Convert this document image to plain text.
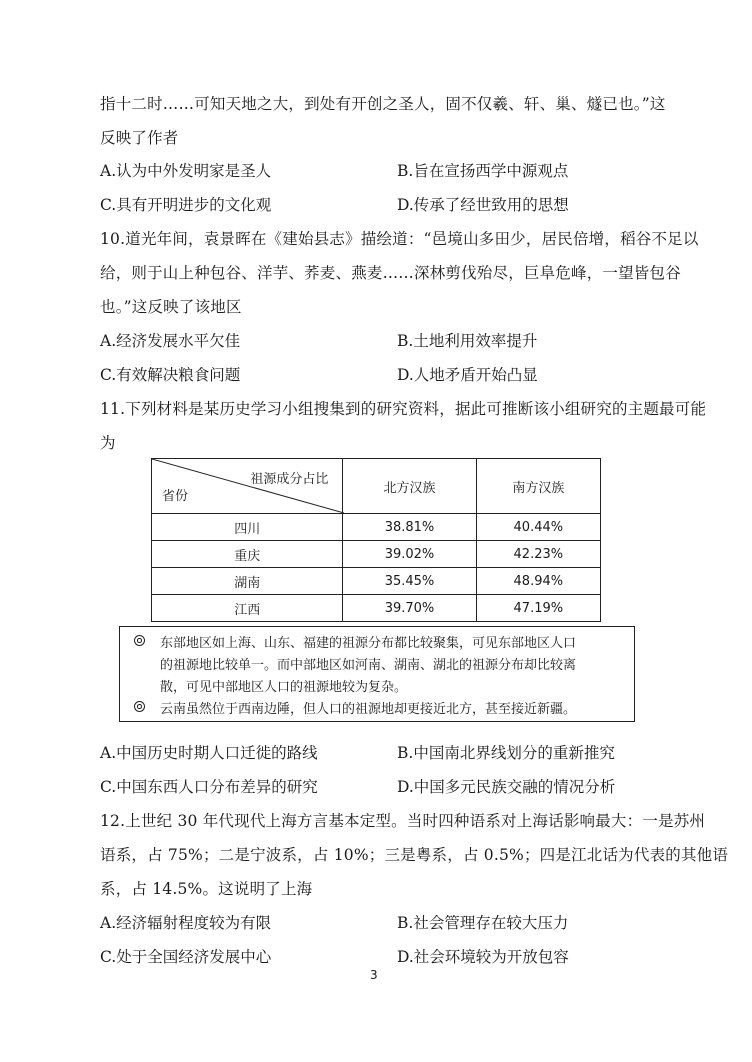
指十二时……可知天地之大，到处有开创之圣人，固不仅羲、轩、巢、燧已也。”这
反映了作者
A.认为中外发明家是圣人	B.旨在宣扬西学中源观点
C.具有开明进步的文化观	D.传承了经世致用的思想
10.道光年间，袁景晖在《建始县志》描绘道：“邑境山多田少，居民倍增，稻谷不足以
给，则于山上种包谷、洋芋、荞麦、燕麦……深林剪伐殆尽，巨阜危峰，一望皆包谷
也。”这反映了该地区
A.经济发展水平欠佳	B.土地利用效率提升
C.有效解决粮食问题	D.人地矛盾开始凸显
11.下列材料是某历史学习小组搜集到的研究资料，据此可推断该小组研究的主题最可能
为
祖源成分占比
省份	北方汉族	南方汉族
四川	38.81%	40.44%
重庆	39.02%	42.23%
湖南	35.45%	48.94%
江西	39.70%	47.19%
东部地区如上海、山东、福建的祖源分布都比较聚集，可见东部地区人口
的祖源地比较单一。而中部地区如河南、湖南、湖北的祖源分布却比较离
散，可见中部地区人口的祖源地较为复杂。
云南虽然位于西南边陲，但人口的祖源地却更接近北方，甚至接近新疆。
A.中国历史时期人口迁徙的路线	B.中国南北界线划分的重新推究
C.中国东西人口分布差异的研究	D.中国多元民族交融的情况分析
12.上世纪 30 年代现代上海方言基本定型。当时四种语系对上海话影响最大：一是苏州
语系，占 75%；二是宁波系，占 10%；三是粤系，占 0.5%；四是江北话为代表的其他语
系，占 14.5%。这说明了上海
A.经济辐射程度较为有限	B.社会管理存在较大压力
C.处于全国经济发展中心	D.社会环境较为开放包容
3
